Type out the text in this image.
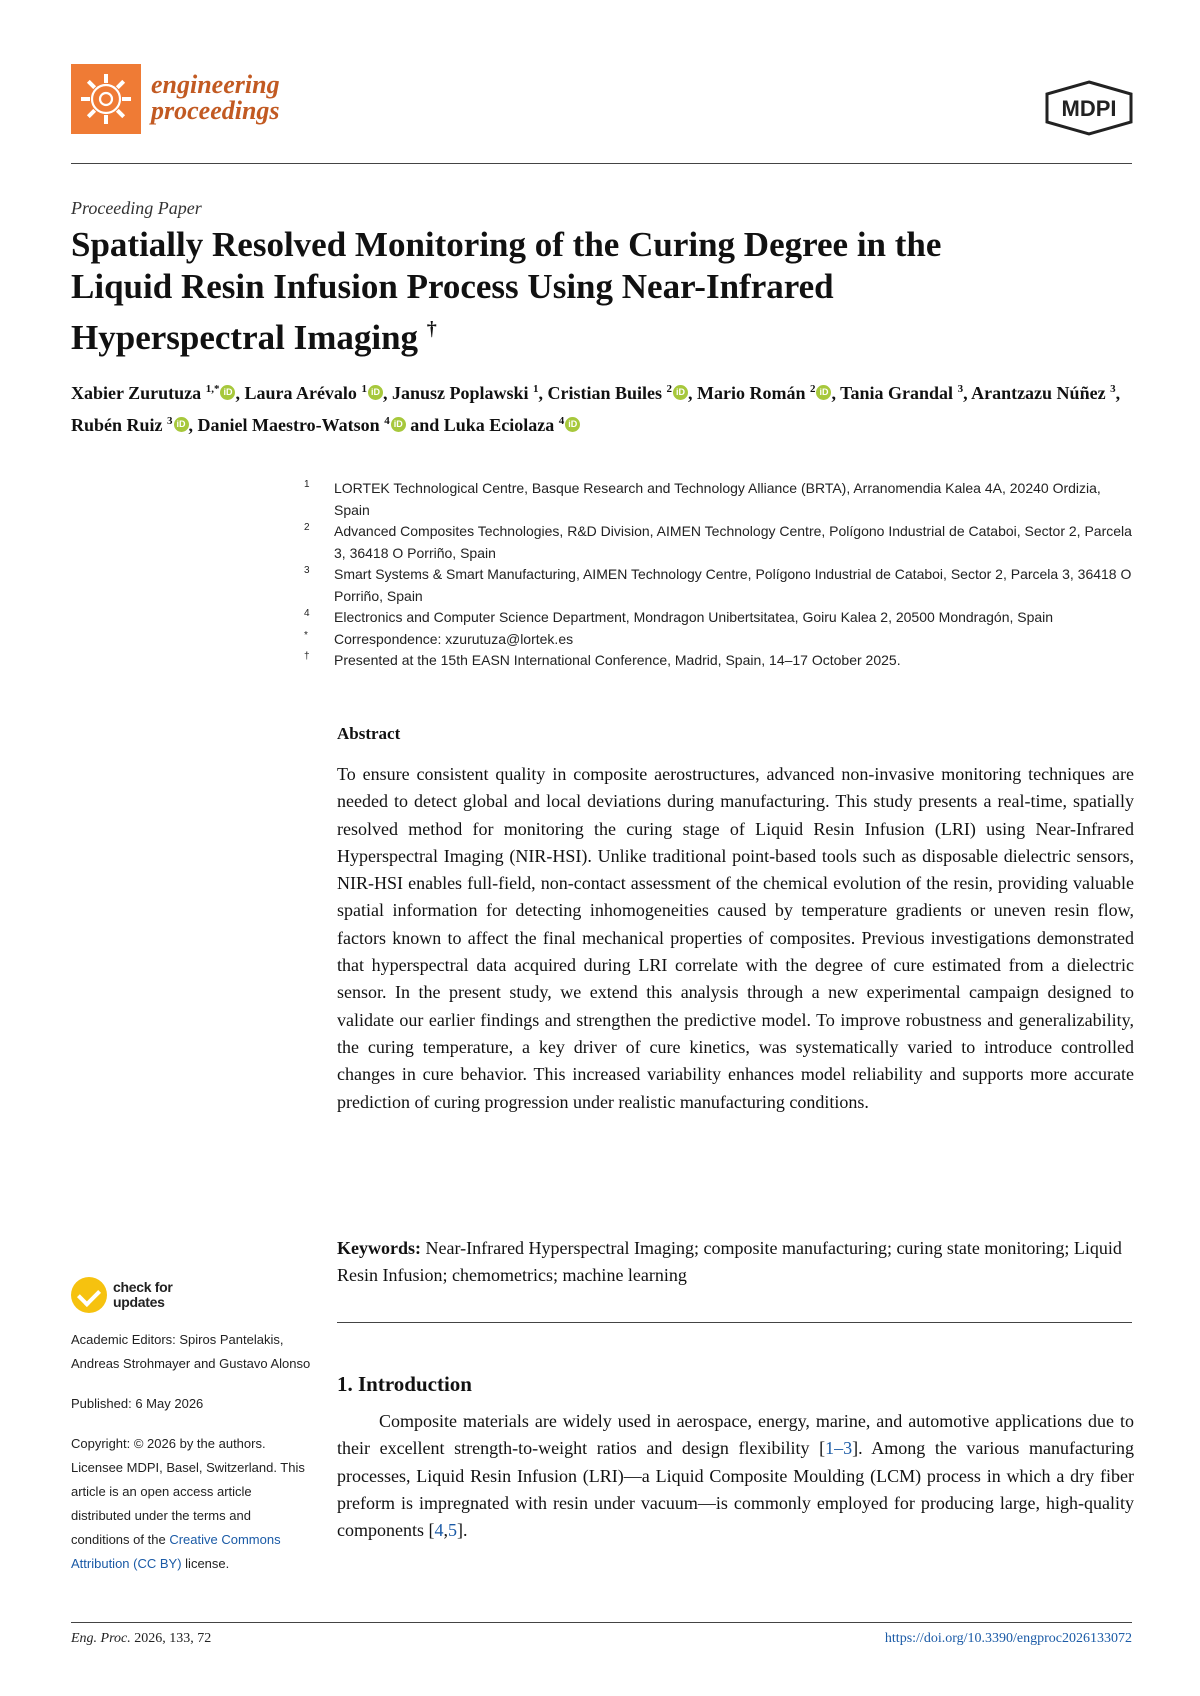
engineering
proceedings	MDPI
Proceeding Paper
Spatially Resolved Monitoring of the Curing Degree in the
Liquid Resin Infusion Process Using Near-Infrared
Hyperspectral Imaging †
Xabier Zurutuza $^{1,*}$ iD , Laura Arévalo $^1$ iD , Janusz Poplawski $^1$, Cristian Builes $^2$ iD , Mario Román $^2$ iD , Tania Grandal $^3$, Arantzazu Núñez $^3$, Rubén Ruiz $^3$ iD , Daniel Maestro-Watson $^4$ iD and Luka Eciolaza $^4$ iD
1	LORTEK Technological Centre, Basque Research and Technology Alliance (BRTA), Arranomendia Kalea 4A, 20240 Ordizia, Spain
2	Advanced Composites Technologies, R&D Division, AIMEN Technology Centre, Polígono Industrial de Cataboi, Sector 2, Parcela 3, 36418 O Porriño, Spain
3	Smart Systems & Smart Manufacturing, AIMEN Technology Centre, Polígono Industrial de Cataboi, Sector 2, Parcela 3, 36418 O Porriño, Spain
4	Electronics and Computer Science Department, Mondragon Unibertsitatea, Goiru Kalea 2, 20500 Mondragón, Spain
*	Correspondence: xzurutuza@lortek.es
†	Presented at the 15th EASN International Conference, Madrid, Spain, 14–17 October 2025.
Abstract
To ensure consistent quality in composite aerostructures, advanced non-invasive monitoring techniques are needed to detect global and local deviations during manufacturing. This study presents a real-time, spatially resolved method for monitoring the curing stage of Liquid Resin Infusion (LRI) using Near-Infrared Hyperspectral Imaging (NIR-HSI). Unlike traditional point-based tools such as disposable dielectric sensors, NIR-HSI enables full-field, non-contact assessment of the chemical evolution of the resin, providing valuable spatial information for detecting inhomogeneities caused by temperature gradients or uneven resin flow, factors known to affect the final mechanical properties of composites. Previous investigations demonstrated that hyperspectral data acquired during LRI correlate with the degree of cure estimated from a dielectric sensor. In the present study, we extend this analysis through a new experimental campaign designed to validate our earlier findings and strengthen the predictive model. To improve robustness and generalizability, the curing temperature, a key driver of cure kinetics, was systematically varied to introduce controlled changes in cure behavior. This increased variability enhances model reliability and supports more accurate prediction of curing progression under realistic manufacturing conditions.
Keywords: Near-Infrared Hyperspectral Imaging; composite manufacturing; curing state monitoring; Liquid Resin Infusion; chemometrics; machine learning
1. Introduction
Composite materials are widely used in aerospace, energy, marine, and automotive applications due to their excellent strength-to-weight ratios and design flexibility [1–3]. Among the various manufacturing processes, Liquid Resin Infusion (LRI)—a Liquid Composite Moulding (LCM) process in which a dry fiber preform is impregnated with resin under vacuum—is commonly employed for producing large, high-quality components [4,5].
check for
updates

Academic Editors: Spiros Pantelakis, Andreas Strohmayer and Gustavo Alonso

Published: 6 May 2026

Copyright: © 2026 by the authors. Licensee MDPI, Basel, Switzerland. This article is an open access article distributed under the terms and conditions of the Creative Commons Attribution (CC BY) license.

Eng. Proc. 2026, 133, 72	https://doi.org/10.3390/engproc2026133072
